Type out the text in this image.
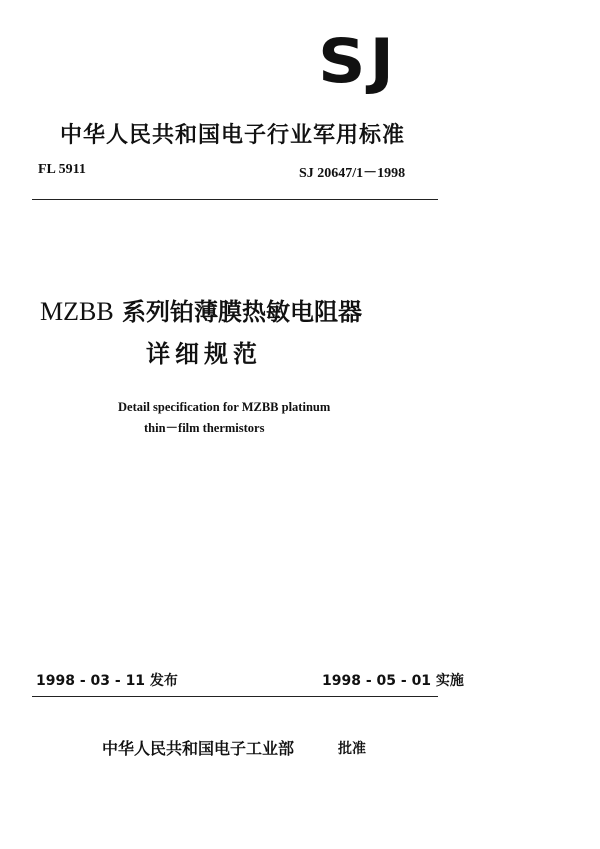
SJ
中华人民共和国电子行业军用标准
FL 5911	SJ 20647/1－1998
MZBB 系列铂薄膜热敏电阻器
详细规范
Detail specification for MZBB platinum
thin－film thermistors
1998 - 03 - 11 发布	1998 - 05 - 01 实施
中华人民共和国电子工业部	批准
